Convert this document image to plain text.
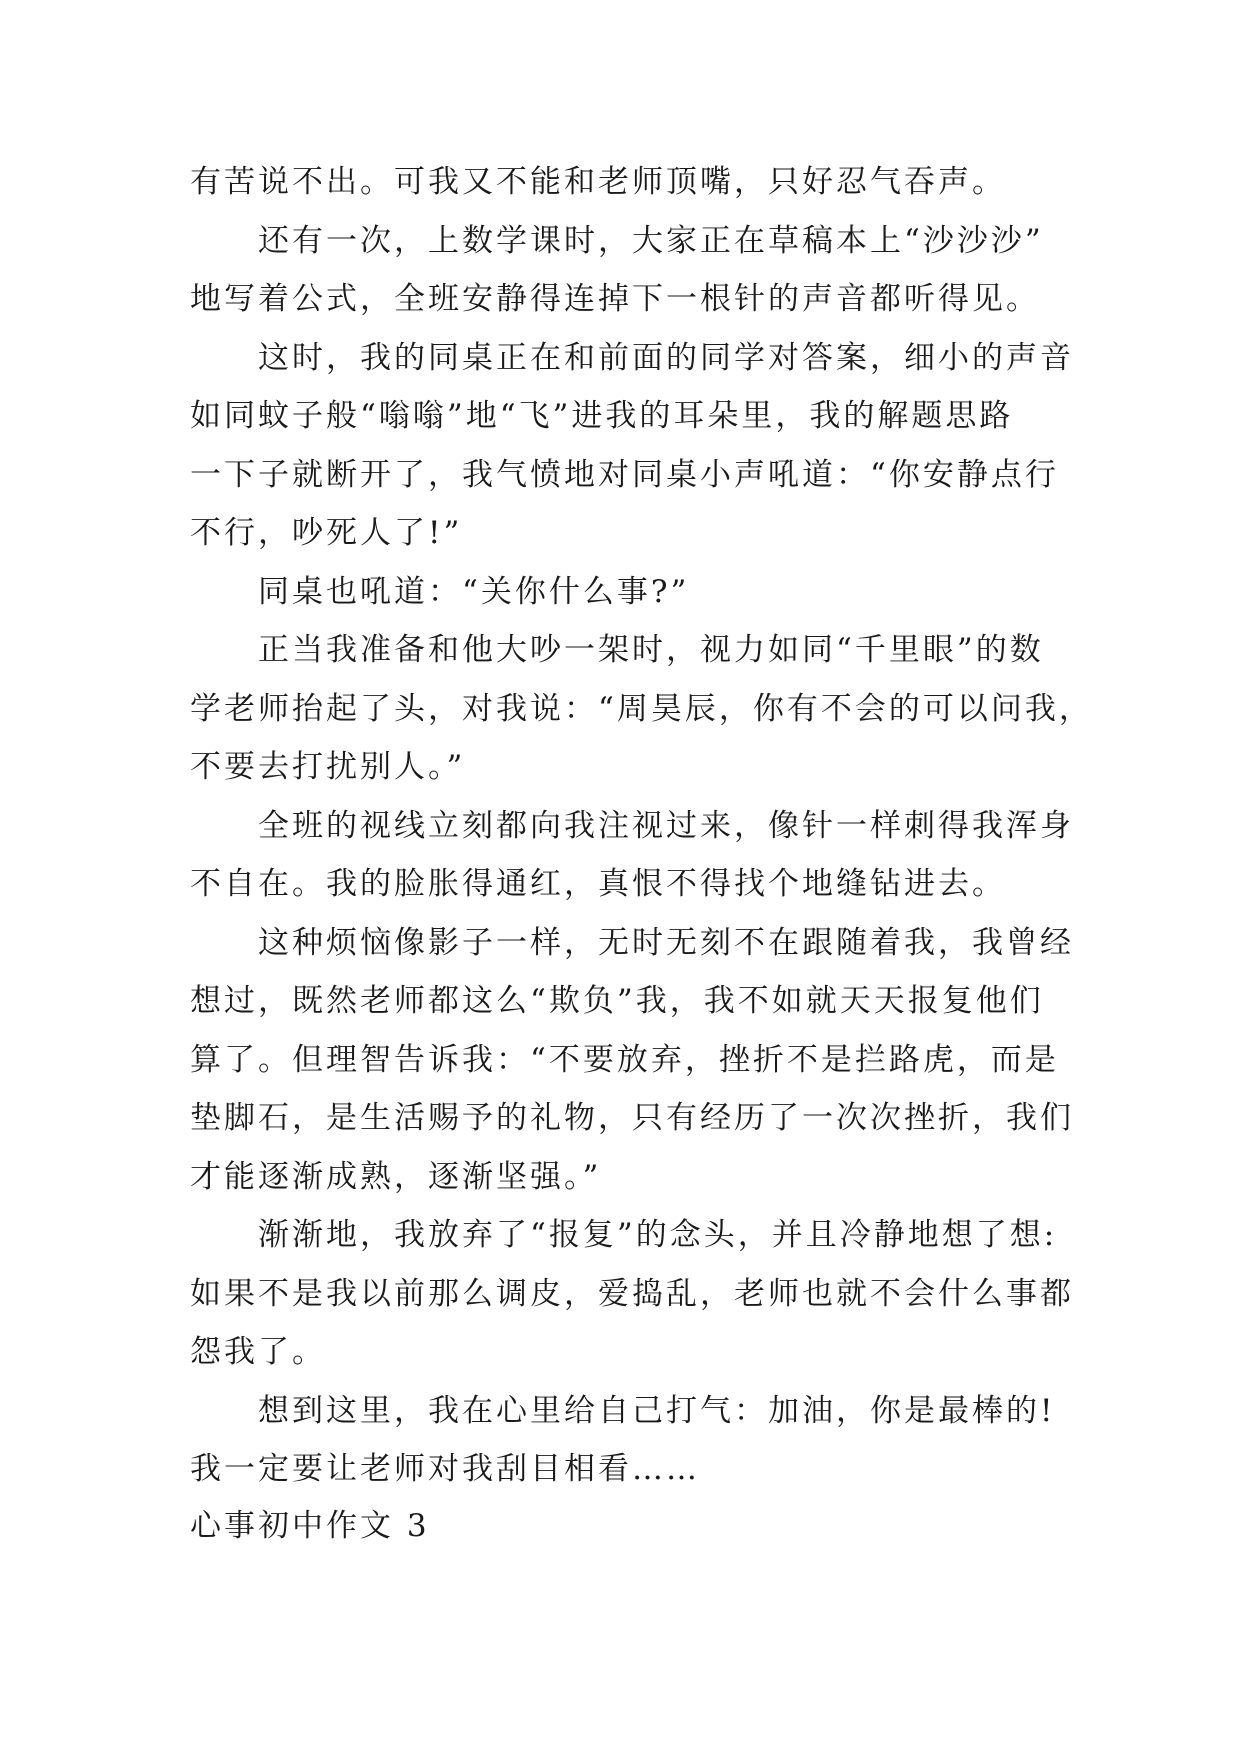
有苦说不出。可我又不能和老师顶嘴，只好忍气吞声。
还有一次，上数学课时，大家正在草稿本上“沙沙沙”
地写着公式，全班安静得连掉下一根针的声音都听得见。
这时，我的同桌正在和前面的同学对答案，细小的声音
如同蚊子般“嗡嗡”地“飞”进我的耳朵里，我的解题思路
一下子就断开了，我气愤地对同桌小声吼道：“你安静点行
不行，吵死人了!”
同桌也吼道：“关你什么事?”
正当我准备和他大吵一架时，视力如同“千里眼”的数
学老师抬起了头，对我说：“周昊辰，你有不会的可以问我，
不要去打扰别人。”
全班的视线立刻都向我注视过来，像针一样刺得我浑身
不自在。我的脸胀得通红，真恨不得找个地缝钻进去。
这种烦恼像影子一样，无时无刻不在跟随着我，我曾经
想过，既然老师都这么“欺负”我，我不如就天天报复他们
算了。但理智告诉我：“不要放弃，挫折不是拦路虎，而是
垫脚石，是生活赐予的礼物，只有经历了一次次挫折，我们
才能逐渐成熟，逐渐坚强。”
渐渐地，我放弃了“报复”的念头，并且冷静地想了想:
如果不是我以前那么调皮，爱捣乱，老师也就不会什么事都
怨我了。
想到这里，我在心里给自己打气：加油，你是最棒的!
我一定要让老师对我刮目相看……
心事初中作文 3
